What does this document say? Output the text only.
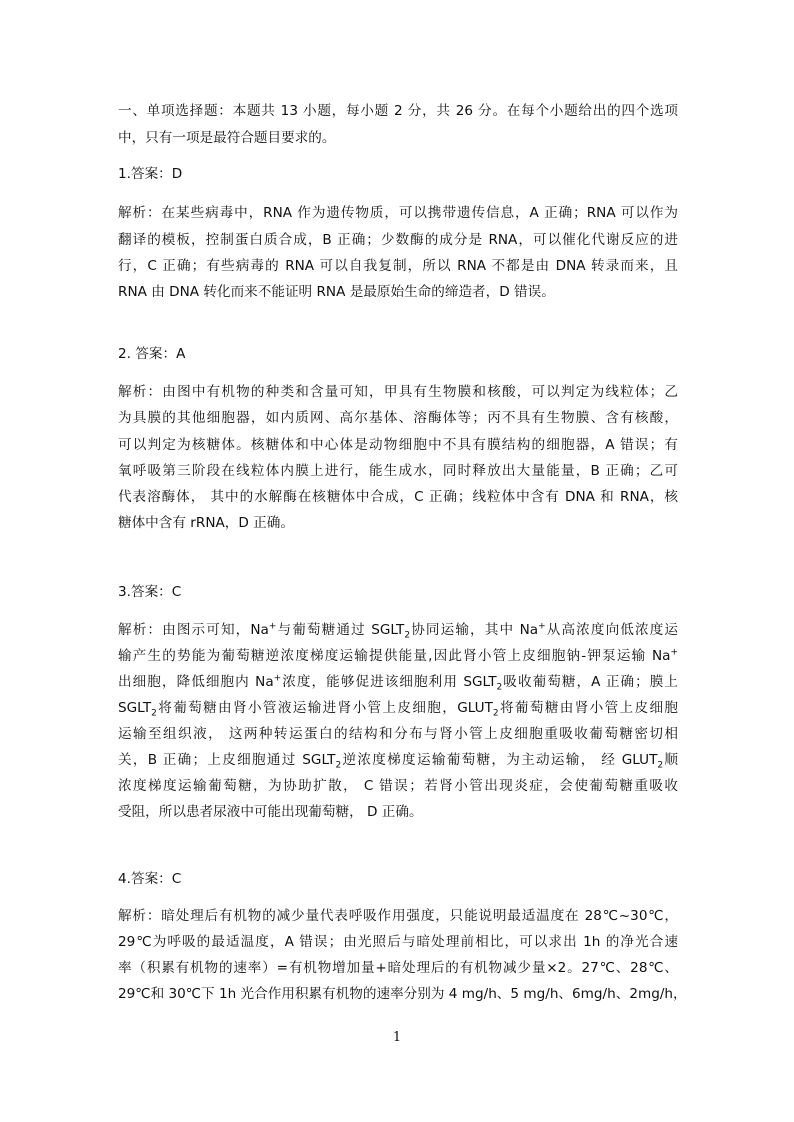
一、单项选择题：本题共 13 小题，每小题 2 分，共 26 分。在每个小题给出的四个选项
中，只有一项是最符合题目要求的。
1.答案：D
解析：在某些病毒中，RNA 作为遗传物质，可以携带遗传信息，A 正确；RNA 可以作为
翻译的模板，控制蛋白质合成，B 正确；少数酶的成分是 RNA，可以催化代谢反应的进
行，C 正确；有些病毒的 RNA 可以自我复制，所以 RNA 不都是由 DNA 转录而来，且
RNA 由 DNA 转化而来不能证明 RNA 是最原始生命的缔造者，D 错误。
2. 答案：A
解析：由图中有机物的种类和含量可知，甲具有生物膜和核酸，可以判定为线粒体；乙
为具膜的其他细胞器，如内质网、高尔基体、溶酶体等；丙不具有生物膜、含有核酸，
可以判定为核糖体。核糖体和中心体是动物细胞中不具有膜结构的细胞器，A 错误；有
氧呼吸第三阶段在线粒体内膜上进行，能生成水，同时释放出大量能量，B 正确；乙可
代表溶酶体， 其中的水解酶在核糖体中合成，C 正确；线粒体中含有 DNA 和 RNA，核
糖体中含有 rRNA，D 正确。
3.答案：C
解析：由图示可知，Na+与葡萄糖通过 $SGLT_2$协同运输，其中 Na+从高浓度向低浓度运
输产生的势能为葡萄糖逆浓度梯度运输提供能量,因此肾小管上皮细胞钠-钾泵运输 Na+
出细胞，降低细胞内 Na+浓度，能够促进该细胞利用 $SGLT_2$吸收葡萄糖，A 正确；膜上
$SGLT_2$将葡萄糖由肾小管液运输进肾小管上皮细胞，$GLUT_2$将葡萄糖由肾小管上皮细胞
运输至组织液， 这两种转运蛋白的结构和分布与肾小管上皮细胞重吸收葡萄糖密切相
关，B 正确；上皮细胞通过 $SGLT_2$逆浓度梯度运输葡萄糖，为主动运输， 经 $GLUT_2$顺
浓度梯度运输葡萄糖，为协助扩散， C 错误；若肾小管出现炎症，会使葡萄糖重吸收
受阻，所以患者尿液中可能出现葡萄糖， D 正确。
4.答案：C
解析：暗处理后有机物的减少量代表呼吸作用强度，只能说明最适温度在 28℃~30℃，
29℃为呼吸的最适温度，A 错误；由光照后与暗处理前相比，可以求出 1h 的净光合速
率（积累有机物的速率）=有机物增加量+暗处理后的有机物减少量×2。27℃、28℃、
29℃和 30℃下 1h 光合作用积累有机物的速率分别为 4 mg/h、5 mg/h、6mg/h、2mg/h，
1
